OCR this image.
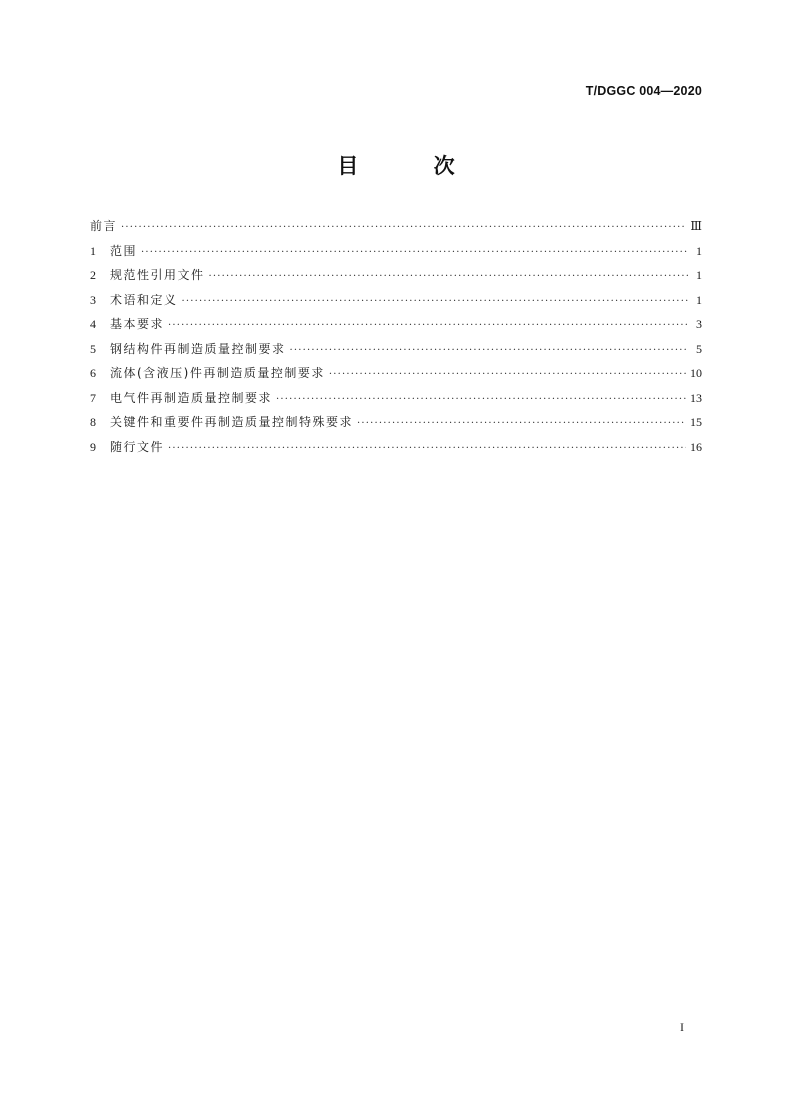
T/DGGC 004—2020
目 次
前言 ·····	Ⅲ
1	范围 ·····	1
2	规范性引用文件 ·····	1
3	术语和定义 ·····	1
4	基本要求 ·····	3
5	钢结构件再制造质量控制要求 ·····	5
6	流体(含液压)件再制造质量控制要求 ·····	10
7	电气件再制造质量控制要求 ·····	13
8	关键件和重要件再制造质量控制特殊要求 ·····	15
9	随行文件 ·····	16
I
